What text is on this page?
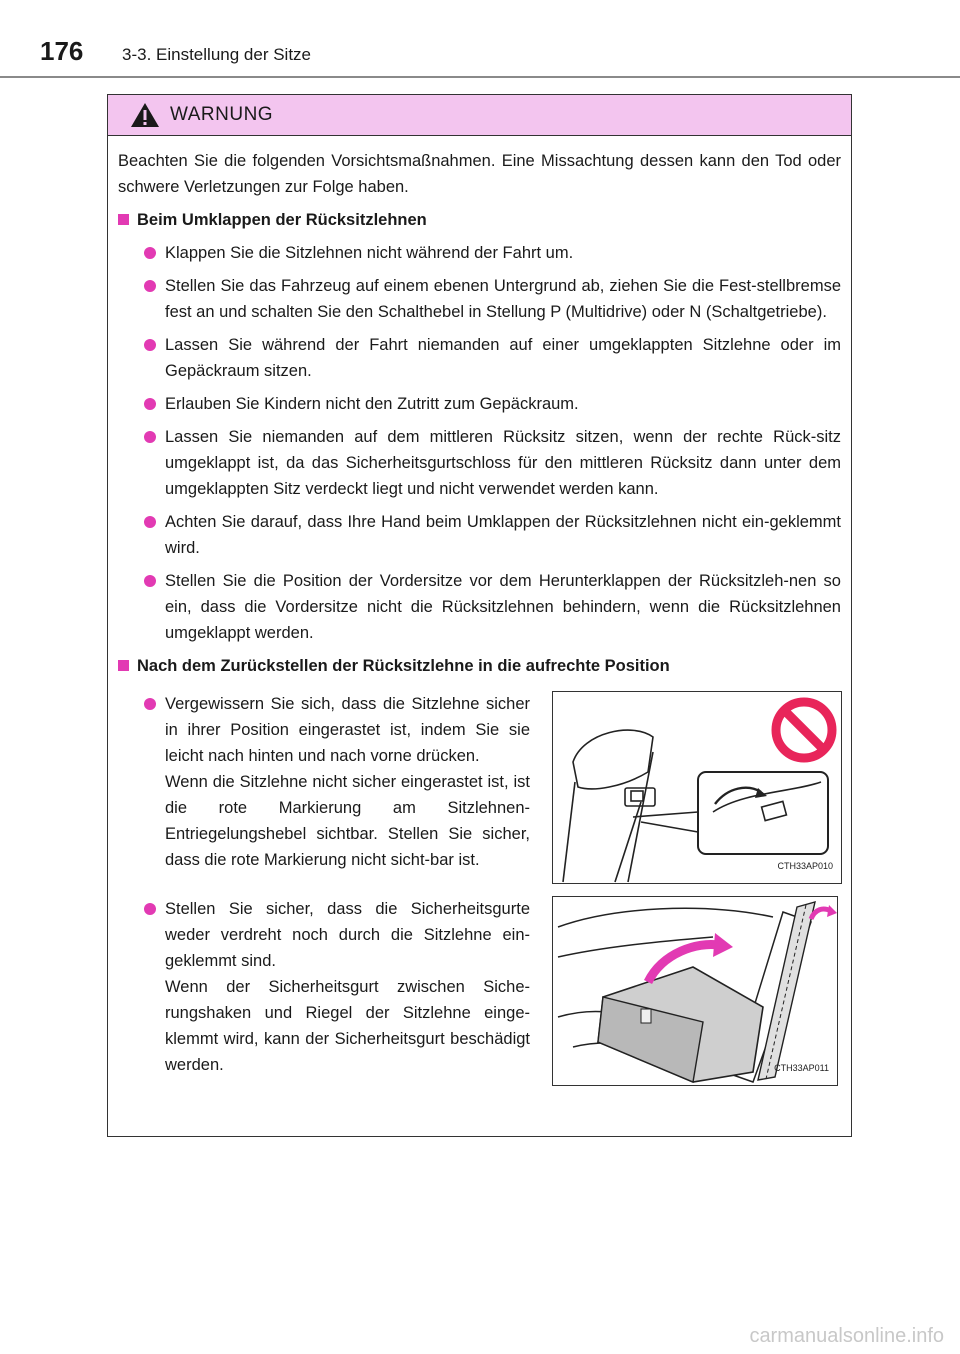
176 3-3. Einstellung der Sitze
WARNUNG

Beachten Sie die folgenden Vorsichtsmaßnahmen. Eine Missachtung dessen kann den Tod oder schwere Verletzungen zur Folge haben.

Beim Umklappen der Rücksitzlehnen
Klappen Sie die Sitzlehnen nicht während der Fahrt um.
Stellen Sie das Fahrzeug auf einem ebenen Untergrund ab, ziehen Sie die Fest-stellbremse fest an und schalten Sie den Schalthebel in Stellung P (Multidrive) oder N (Schaltgetriebe).
Lassen Sie während der Fahrt niemanden auf einer umgeklappten Sitzlehne oder im Gepäckraum sitzen.
Erlauben Sie Kindern nicht den Zutritt zum Gepäckraum.
Lassen Sie niemanden auf dem mittleren Rücksitz sitzen, wenn der rechte Rück-sitz umgeklappt ist, da das Sicherheitsgurtschloss für den mittleren Rücksitz dann unter dem umgeklappten Sitz verdeckt liegt und nicht verwendet werden kann.
Achten Sie darauf, dass Ihre Hand beim Umklappen der Rücksitzlehnen nicht ein-geklemmt wird.
Stellen Sie die Position der Vordersitze vor dem Herunterklappen der Rücksitzleh-nen so ein, dass die Vordersitze nicht die Rücksitzlehnen behindern, wenn die Rücksitzlehnen umgeklappt werden.
Nach dem Zurückstellen der Rücksitzlehne in die aufrechte Position
Vergewissern Sie sich, dass die Sitzlehne sicher in ihrer Position eingerastet ist, indem Sie sie leicht nach hinten und nach vorne drücken.
Wenn die Sitzlehne nicht sicher eingerastet ist, ist die rote Markierung am Sitzlehnen-Entriegelungshebel sichtbar. Stellen Sie sicher, dass die rote Markierung nicht sicht-bar ist.	CTH33AP010
Stellen Sie sicher, dass die Sicherheitsgurte weder verdreht noch durch die Sitzlehne ein-geklemmt sind.
Wenn der Sicherheitsgurt zwischen Siche-rungshaken und Riegel der Sitzlehne einge-klemmt wird, kann der Sicherheitsgurt beschädigt werden.	CTH33AP011
carmanualsonline.info
